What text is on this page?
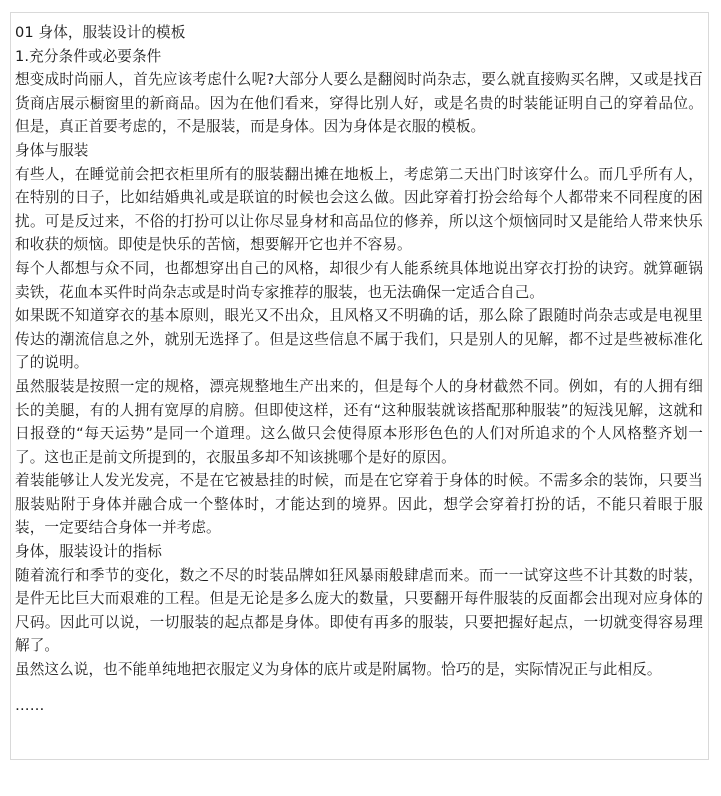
01 身体，服装设计的模板

1.充分条件或必要条件

想变成时尚丽人，首先应该考虑什么呢?大部分人要么是翻阅时尚杂志，要么就直接购买名牌，又或是找百货商店展示橱窗里的新商品。因为在他们看来，穿得比别人好，或是名贵的时装能证明自己的穿着品位。但是，真正首要考虑的，不是服装，而是身体。因为身体是衣服的模板。

身体与服装

有些人，在睡觉前会把衣柜里所有的服装翻出摊在地板上，考虑第二天出门时该穿什么。而几乎所有人，在特别的日子，比如结婚典礼或是联谊的时候也会这么做。因此穿着打扮会给每个人都带来不同程度的困扰。可是反过来，不俗的打扮可以让你尽显身材和高品位的修养，所以这个烦恼同时又是能给人带来快乐和收获的烦恼。即使是快乐的苦恼，想要解开它也并不容易。

每个人都想与众不同，也都想穿出自己的风格，却很少有人能系统具体地说出穿衣打扮的诀窍。就算砸锅卖铁，花血本买件时尚杂志或是时尚专家推荐的服装，也无法确保一定适合自己。

如果既不知道穿衣的基本原则，眼光又不出众，且风格又不明确的话，那么除了跟随时尚杂志或是电视里传达的潮流信息之外，就别无选择了。但是这些信息不属于我们，只是别人的见解，都不过是些被标准化了的说明。

虽然服装是按照一定的规格，漂亮规整地生产出来的，但是每个人的身材截然不同。例如，有的人拥有细长的美腿，有的人拥有宽厚的肩膀。但即使这样，还有“这种服装就该搭配那种服装”的短浅见解，这就和日报登的“每天运势”是同一个道理。这么做只会使得原本形形色色的人们对所追求的个人风格整齐划一了。这也正是前文所提到的，衣服虽多却不知该挑哪个是好的原因。

着装能够让人发光发亮，不是在它被悬挂的时候，而是在它穿着于身体的时候。不需多余的装饰，只要当服装贴附于身体并融合成一个整体时，才能达到的境界。因此，想学会穿着打扮的话，不能只着眼于服装，一定要结合身体一并考虑。

身体，服装设计的指标

随着流行和季节的变化，数之不尽的时装品牌如狂风暴雨般肆虐而来。而一一试穿这些不计其数的时装，是件无比巨大而艰难的工程。但是无论是多么庞大的数量，只要翻开每件服装的反面都会出现对应身体的尺码。因此可以说，一切服装的起点都是身体。即使有再多的服装，只要把握好起点，一切就变得容易理解了。

虽然这么说，也不能单纯地把衣服定义为身体的底片或是附属物。恰巧的是，实际情况正与此相反。

……
